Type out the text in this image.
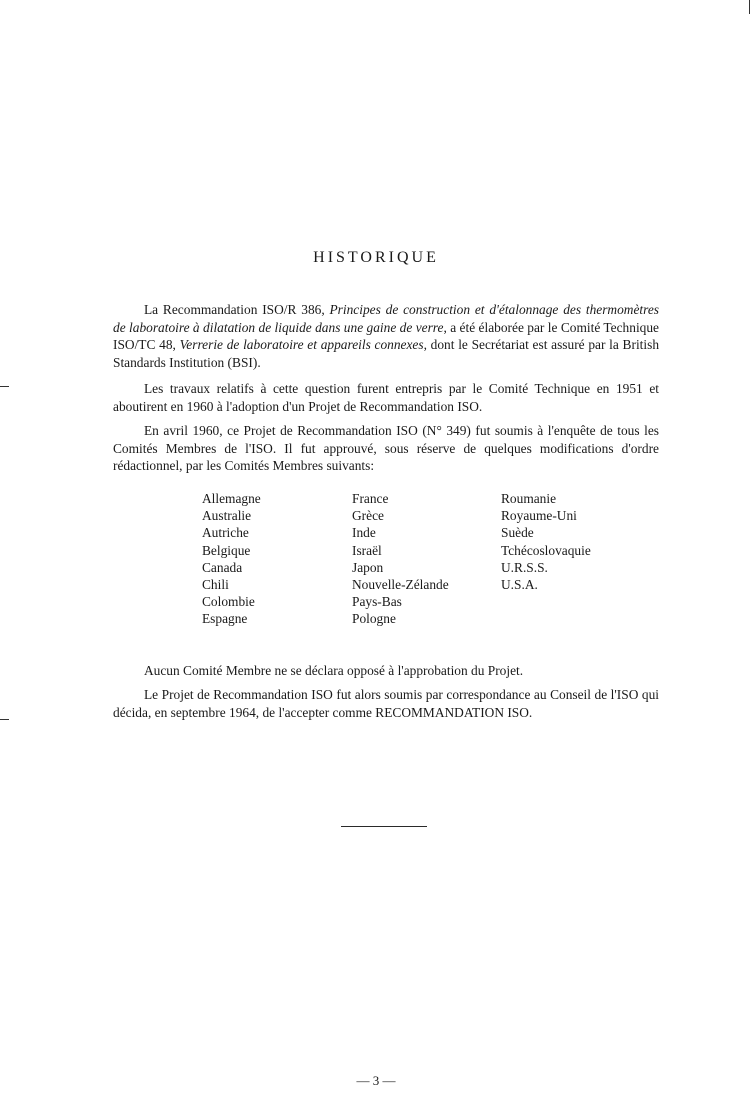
HISTORIQUE

La Recommandation ISO/R 386, Principes de construction et d'étalonnage des thermomètres de laboratoire à dilatation de liquide dans une gaine de verre, a été élaborée par le Comité Technique ISO/TC 48, Verrerie de laboratoire et appareils connexes, dont le Secrétariat est assuré par la British Standards Institution (BSI).

Les travaux relatifs à cette question furent entrepris par le Comité Technique en 1951 et aboutirent en 1960 à l'adoption d'un Projet de Recommandation ISO.

En avril 1960, ce Projet de Recommandation ISO (N° 349) fut soumis à l'enquête de tous les Comités Membres de l'ISO. Il fut approuvé, sous réserve de quelques modifications d'ordre rédactionnel, par les Comités Membres suivants:

Allemagne
Australie
Autriche
Belgique
Canada
Chili
Colombie
Espagne
France
Grèce
Inde
Israël
Japon
Nouvelle-Zélande
Pays-Bas
Pologne
Roumanie
Royaume-Uni
Suède
Tchécoslovaquie
U.R.S.S.
U.S.A.

Aucun Comité Membre ne se déclara opposé à l'approbation du Projet.

Le Projet de Recommandation ISO fut alors soumis par correspondance au Conseil de l'ISO qui décida, en septembre 1964, de l'accepter comme RECOMMANDATION ISO.

— 3 —
